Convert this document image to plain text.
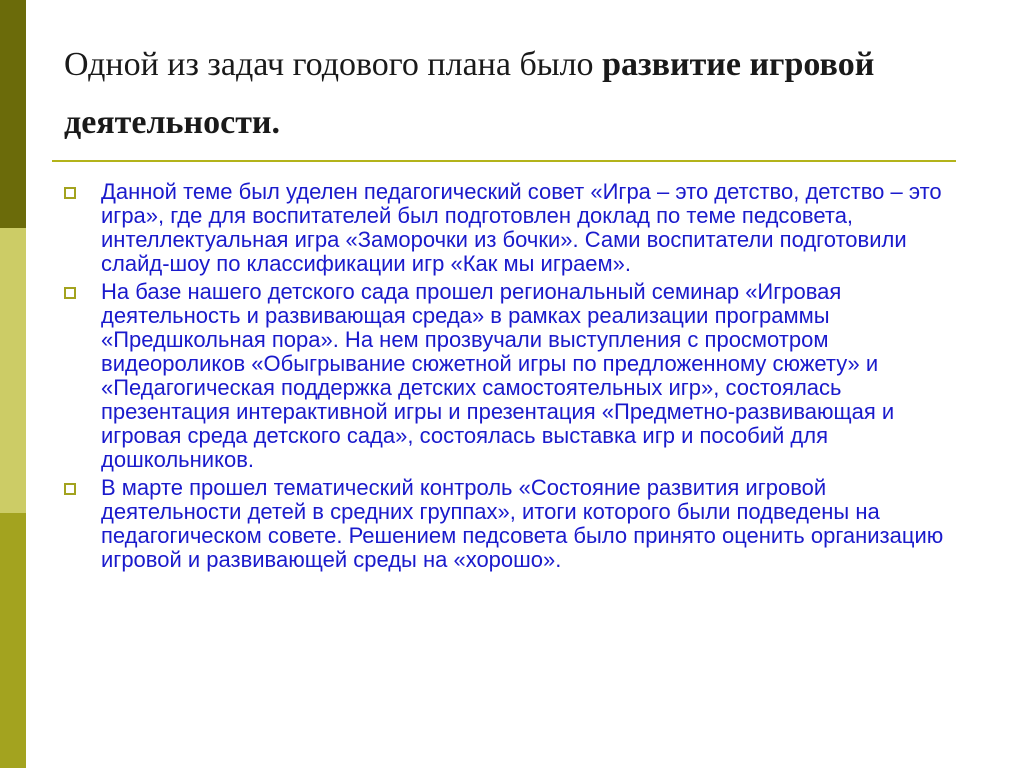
Одной из задач годового плана было развитие игровой деятельности.
Данной теме был уделен педагогический совет «Игра – это детство, детство – это игра», где для воспитателей был подготовлен доклад по теме педсовета, интеллектуальная игра «Заморочки из бочки». Сами воспитатели подготовили слайд-шоу по классификации игр «Как мы играем».
На базе нашего детского сада прошел региональный семинар «Игровая деятельность и развивающая среда» в рамках реализации программы «Предшкольная пора». На нем прозвучали выступления с просмотром видеороликов «Обыгрывание сюжетной игры по предложенному сюжету» и «Педагогическая поддержка детских самостоятельных игр», состоялась презентация интерактивной игры и презентация «Предметно-развивающая и игровая среда детского сада», состоялась выставка игр и пособий для дошкольников.
В марте прошел тематический контроль «Состояние развития игровой деятельности детей в средних группах», итоги которого были подведены на педагогическом совете. Решением педсовета было принято оценить организацию игровой и развивающей среды на «хорошо».
